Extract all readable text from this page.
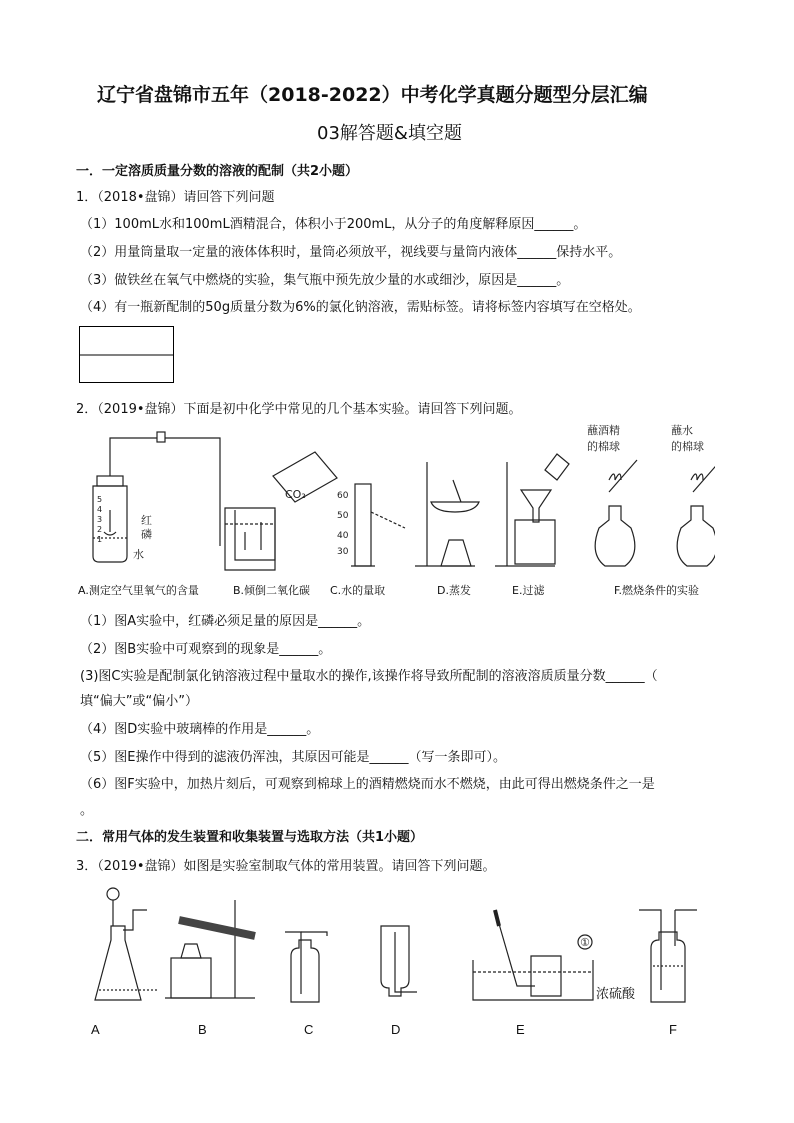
辽宁省盘锦市五年（2018-2022）中考化学真题分题型分层汇编
03解答题&填空题
一．一定溶质质量分数的溶液的配制（共2小题）
1．（2018•盘锦）请回答下列问题
（1）100mL水和100mL酒精混合，体积小于200mL，从分子的角度解释原因______。
（2）用量筒量取一定量的液体体积时，量筒必须放平，视线要与量筒内液体______保持水平。
（3）做铁丝在氧气中燃烧的实验，集气瓶中预先放少量的水或细沙，原因是______。
（4）有一瓶新配制的50g质量分数为6%的氯化钠溶液，需贴标签。请将标签内容填写在空格处。
2．（2019•盘锦）下面是初中化学中常见的几个基本实验。请回答下列问题。
红
磷
水
5
4
3
2
1
CO₂	60
50
40
30
蘸酒精
的棉球
蘸水
的棉球
A.测定空气里氧气的含量	B.倾倒二氧化碳 C.水的量取	D.蒸发	E.过滤	F.燃烧条件的实验
（1）图A实验中，红磷必须足量的原因是______。
（2）图B实验中可观察到的现象是______。
(3)图C实验是配制氯化钠溶液过程中量取水的操作,该操作将导致所配制的溶液溶质质量分数______（
填“偏大”或“偏小”）
（4）图D实验中玻璃棒的作用是______。
（5）图E操作中得到的滤液仍浑浊，其原因可能是______（写一条即可）。
（6）图F实验中，加热片刻后，可观察到棉球上的酒精燃烧而水不燃烧，由此可得出燃烧条件之一是
。
二．常用气体的发生装置和收集装置与选取方法（共1小题）
3．（2019•盘锦）如图是实验室制取气体的常用装置。请回答下列问题。
①
浓硫酸
A	B	C	D	E	F
